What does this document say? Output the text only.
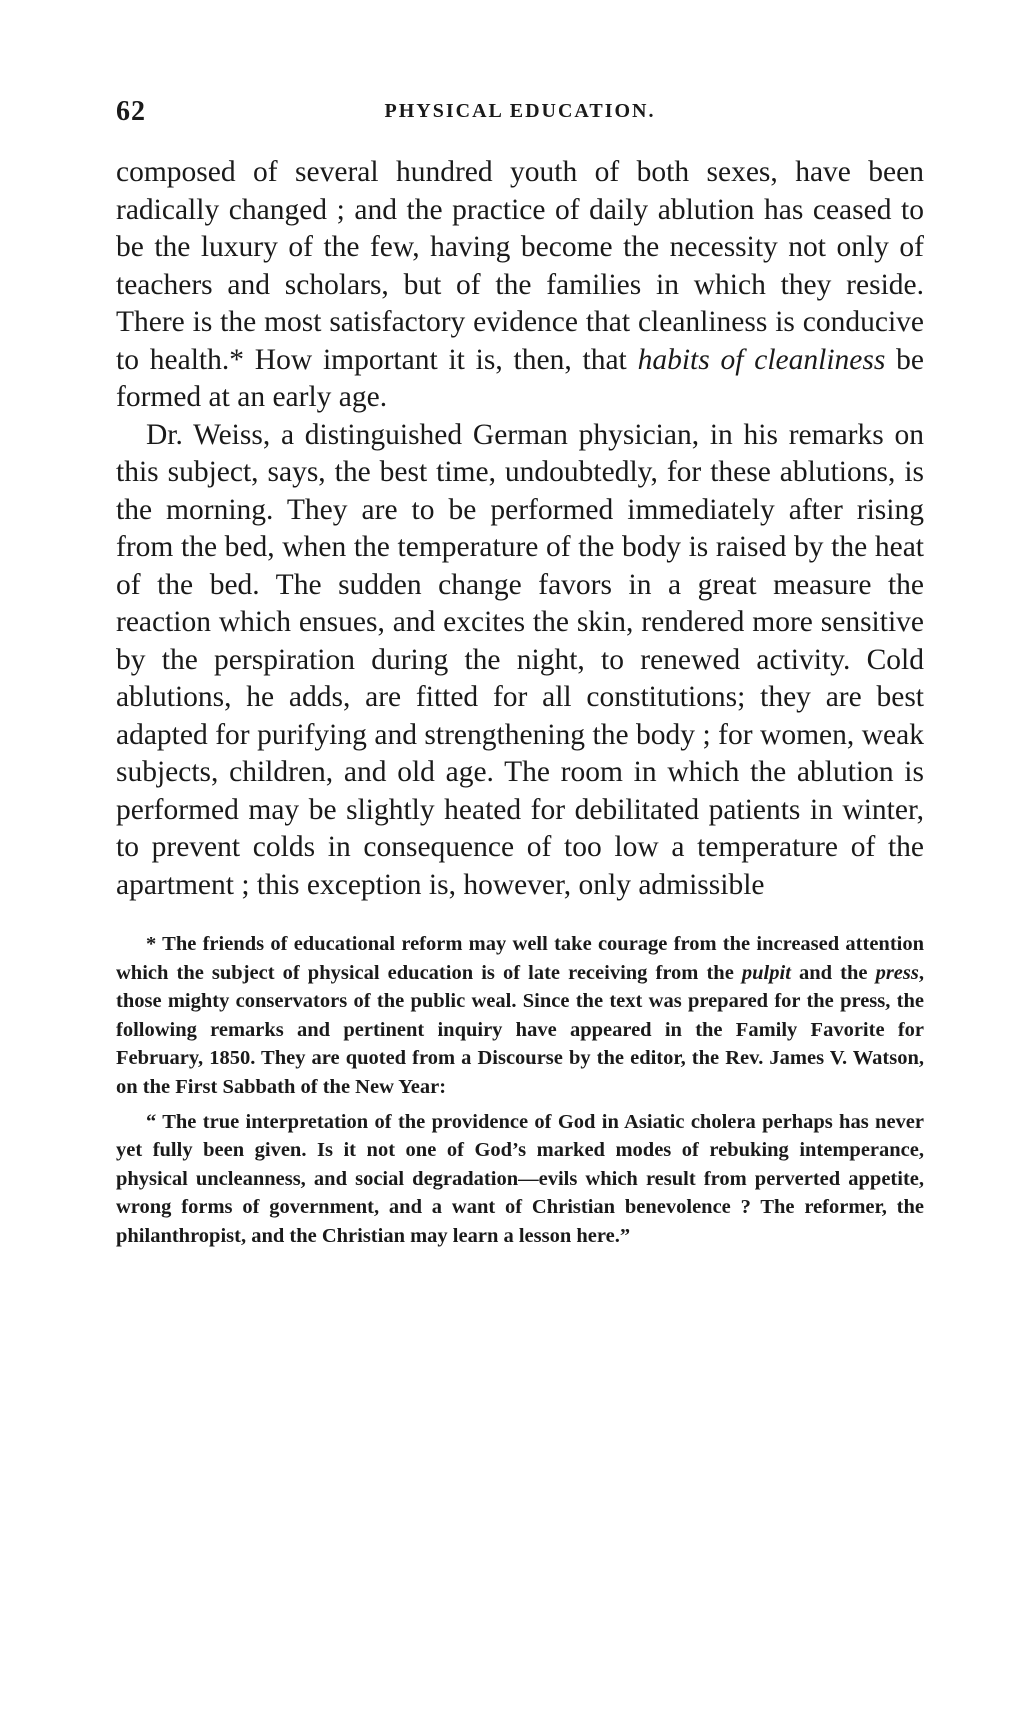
62	PHYSICAL EDUCATION.

composed of several hundred youth of both sexes, have been radically changed ; and the practice of daily ablution has ceased to be the luxury of the few, having become the necessity not only of teachers and scholars, but of the families in which they reside. There is the most satisfactory evidence that cleanliness is conducive to health.* How important it is, then, that habits of cleanliness be formed at an early age.

Dr. Weiss, a distinguished German physician, in his remarks on this subject, says, the best time, undoubtedly, for these ablutions, is the morning. They are to be performed immediately after rising from the bed, when the temperature of the body is raised by the heat of the bed. The sudden change favors in a great measure the reaction which ensues, and excites the skin, rendered more sensitive by the perspiration during the night, to renewed activity. Cold ablutions, he adds, are fitted for all constitutions; they are best adapted for purifying and strengthening the body ; for women, weak subjects, children, and old age. The room in which the ablution is performed may be slightly heated for debilitated patients in winter, to prevent colds in consequence of too low a temperature of the apartment ; this exception is, however, only admissible

* The friends of educational reform may well take courage from the increased attention which the subject of physical education is of late receiving from the pulpit and the press, those mighty conservators of the public weal. Since the text was prepared for the press, the following remarks and pertinent inquiry have appeared in the Family Favorite for February, 1850. They are quoted from a Discourse by the editor, the Rev. James V. Watson, on the First Sabbath of the New Year:

“ The true interpretation of the providence of God in Asiatic cholera perhaps has never yet fully been given. Is it not one of God’s marked modes of rebuking intemperance, physical uncleanness, and social degradation—evils which result from perverted appetite, wrong forms of government, and a want of Christian benevolence ? The reformer, the philanthropist, and the Christian may learn a lesson here.”
